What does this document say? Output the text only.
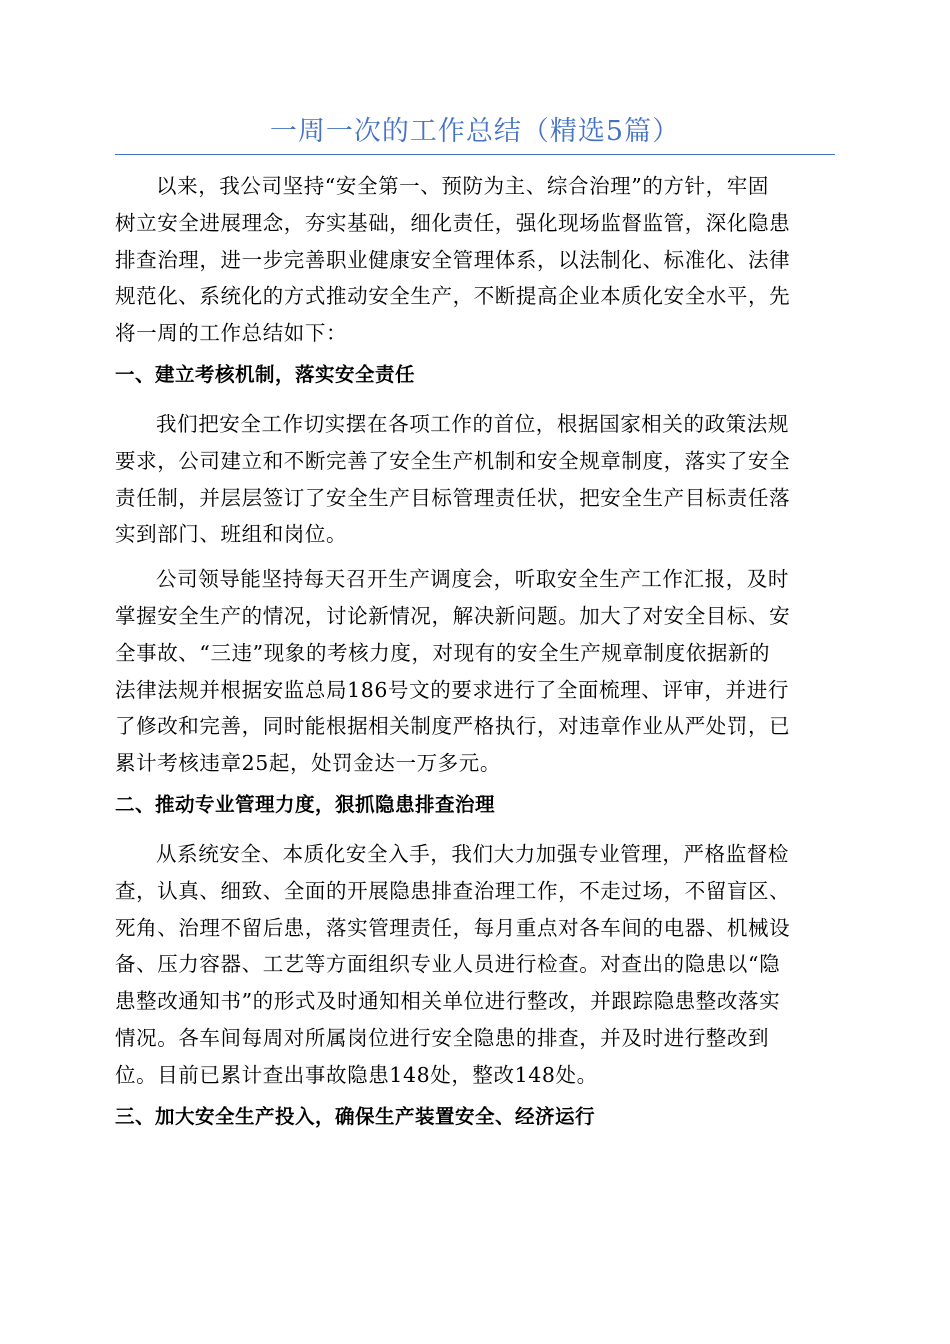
一周一次的工作总结（精选5篇）

以来，我公司坚持“安全第一、预防为主、综合治理”的方针，牢固
树立安全进展理念，夯实基础，细化责任，强化现场监督监管，深化隐患
排查治理，进一步完善职业健康安全管理体系，以法制化、标准化、法律
规范化、系统化的方式推动安全生产，不断提高企业本质化安全水平，先
将一周的工作总结如下：

一、建立考核机制，落实安全责任

我们把安全工作切实摆在各项工作的首位，根据国家相关的政策法规
要求，公司建立和不断完善了安全生产机制和安全规章制度，落实了安全
责任制，并层层签订了安全生产目标管理责任状，把安全生产目标责任落
实到部门、班组和岗位。

公司领导能坚持每天召开生产调度会，听取安全生产工作汇报，及时
掌握安全生产的情况，讨论新情况，解决新问题。加大了对安全目标、安
全事故、“三违”现象的考核力度，对现有的安全生产规章制度依据新的
法律法规并根据安监总局186号文的要求进行了全面梳理、评审，并进行
了修改和完善，同时能根据相关制度严格执行，对违章作业从严处罚，已
累计考核违章25起，处罚金达一万多元。

二、推动专业管理力度，狠抓隐患排查治理

从系统安全、本质化安全入手，我们大力加强专业管理，严格监督检
查，认真、细致、全面的开展隐患排查治理工作，不走过场，不留盲区、
死角、治理不留后患，落实管理责任，每月重点对各车间的电器、机械设
备、压力容器、工艺等方面组织专业人员进行检查。对查出的隐患以“隐
患整改通知书”的形式及时通知相关单位进行整改，并跟踪隐患整改落实
情况。各车间每周对所属岗位进行安全隐患的排查，并及时进行整改到
位。目前已累计查出事故隐患148处，整改148处。

三、加大安全生产投入，确保生产装置安全、经济运行
